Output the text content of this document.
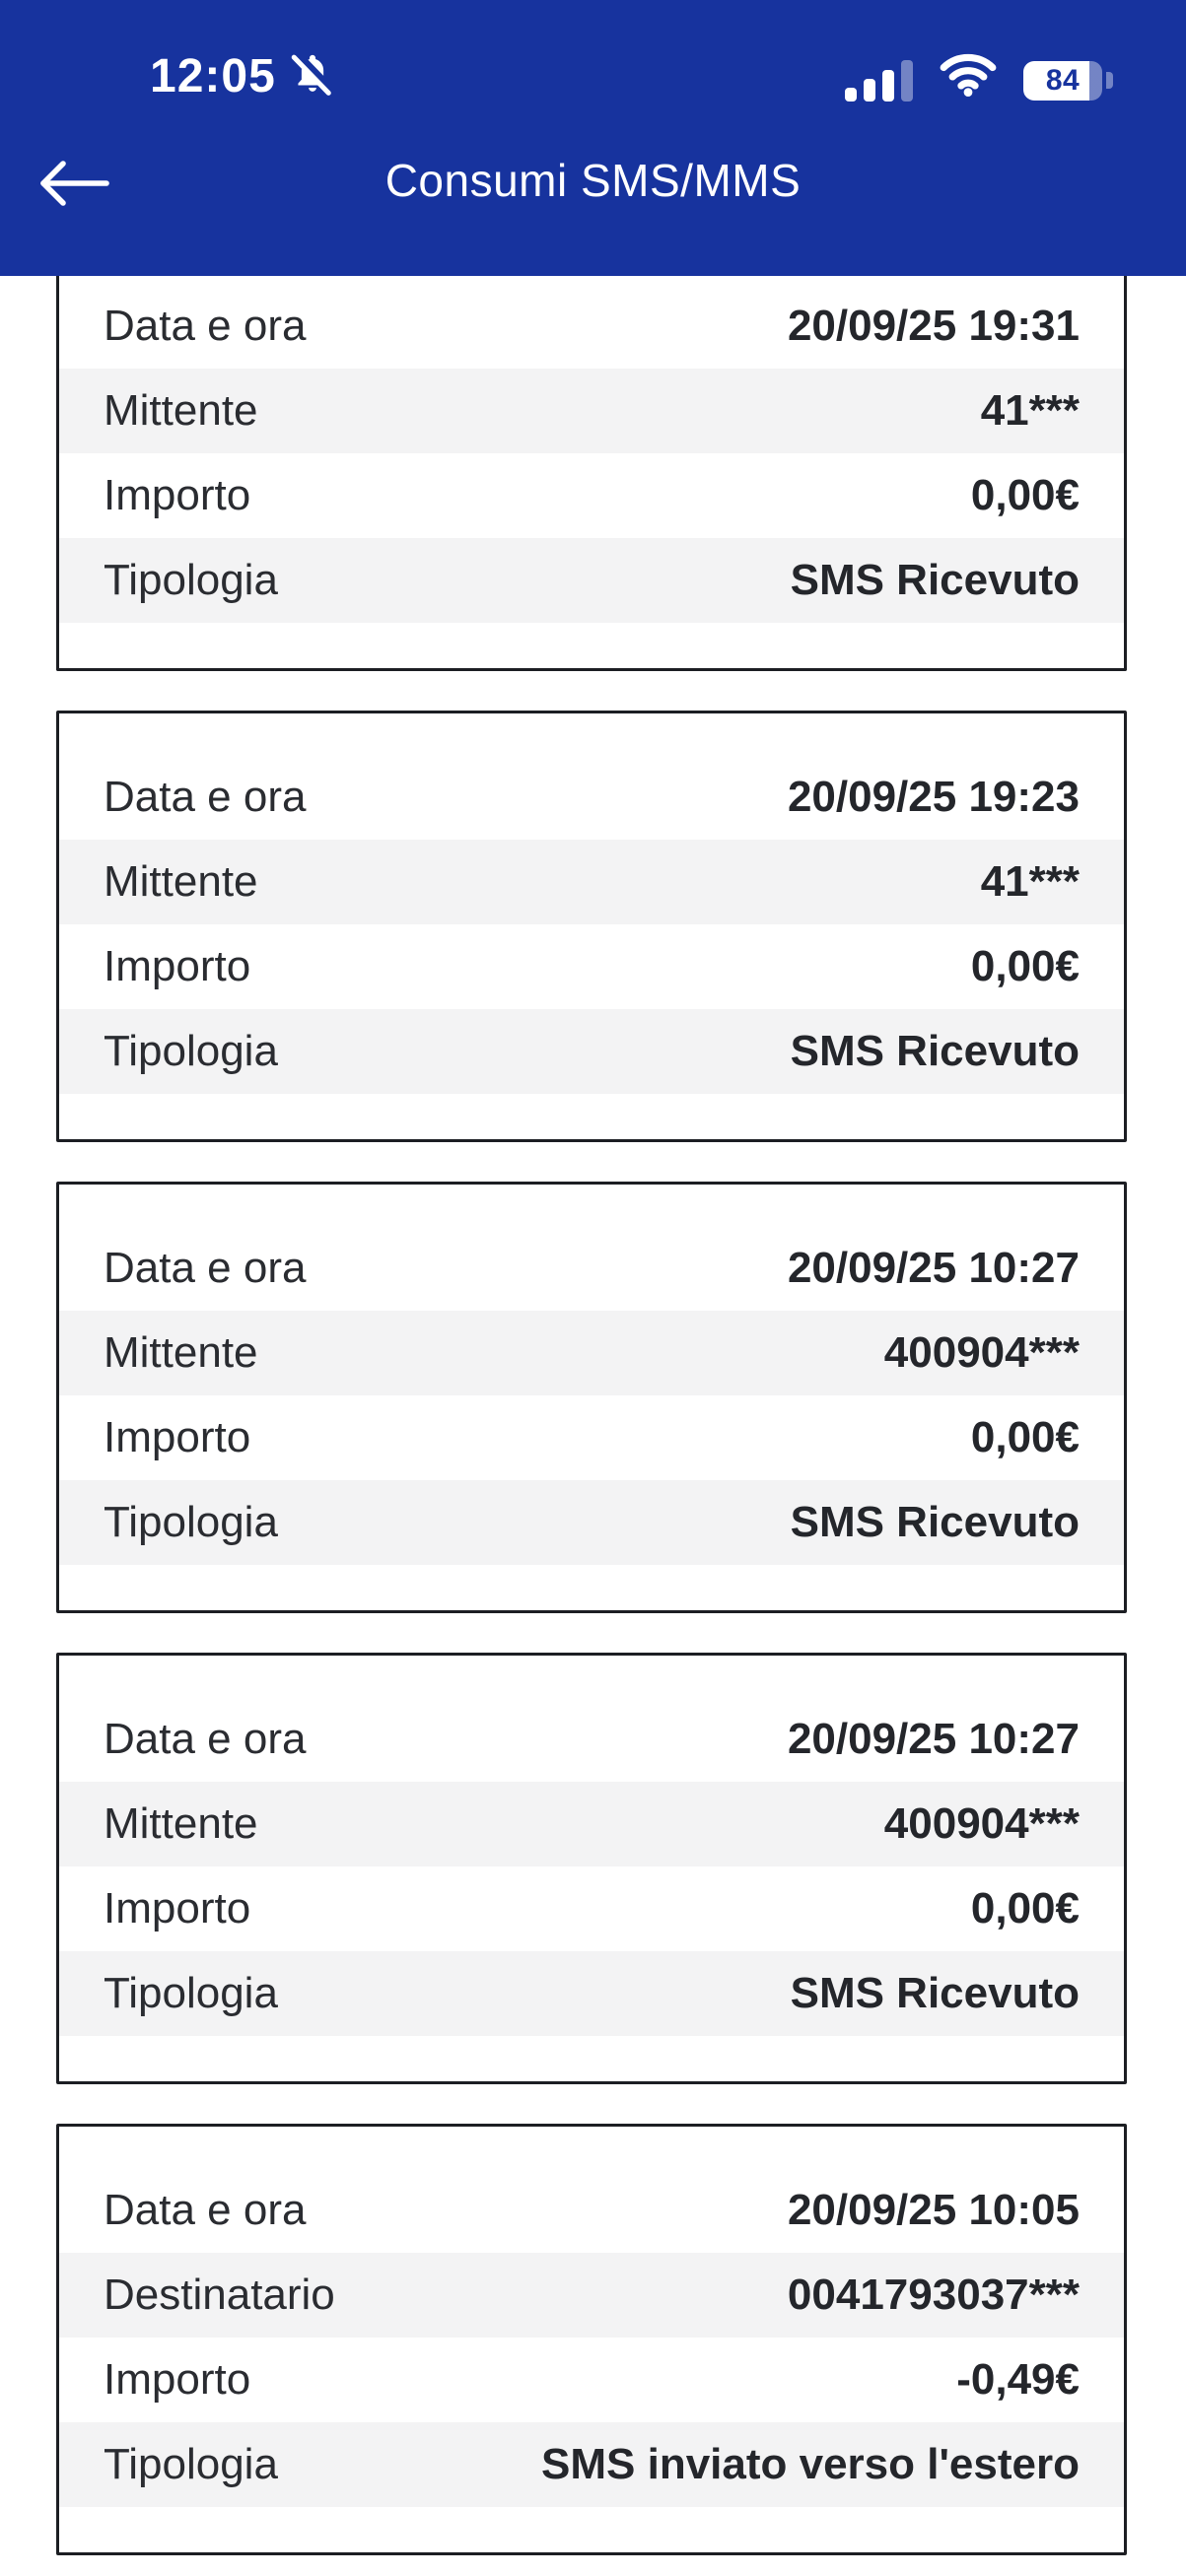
12:05	84
Consumi SMS/MMS
Data e ora	20/09/25 19:31
Mittente	41***
Importo	0,00€
Tipologia	SMS Ricevuto
Data e ora	20/09/25 19:23
Mittente	41***
Importo	0,00€
Tipologia	SMS Ricevuto
Data e ora	20/09/25 10:27
Mittente	400904***
Importo	0,00€
Tipologia	SMS Ricevuto
Data e ora	20/09/25 10:27
Mittente	400904***
Importo	0,00€
Tipologia	SMS Ricevuto
Data e ora	20/09/25 10:05
Destinatario	0041793037***
Importo	-0,49€
Tipologia	SMS inviato verso l'estero
